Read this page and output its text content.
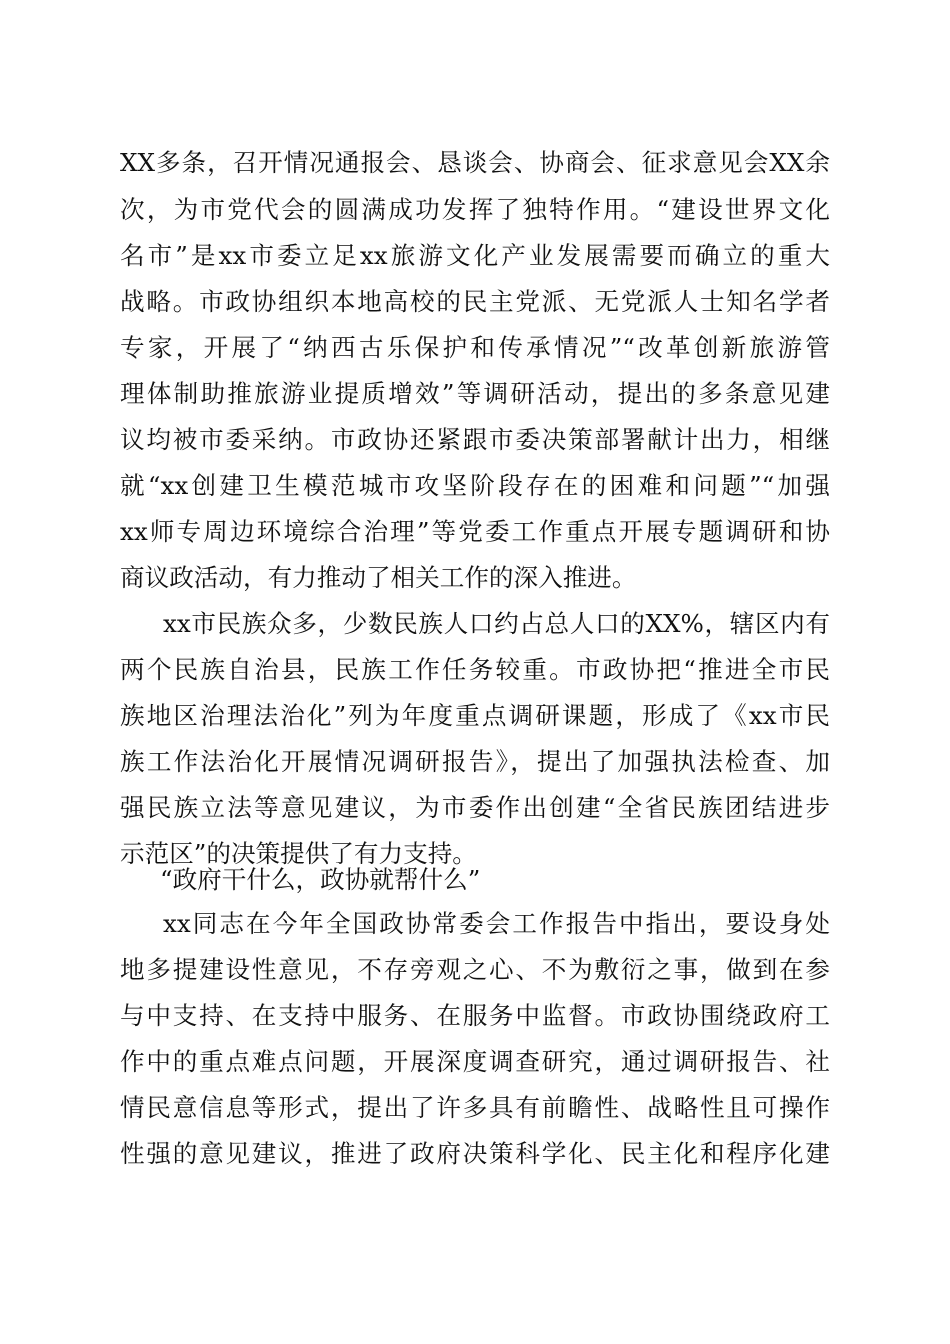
XX多条，召开情况通报会、恳谈会、协商会、征求意见会XX余
次，为市党代会的圆满成功发挥了独特作用。“建设世界文化
名市”是xx市委立足xx旅游文化产业发展需要而确立的重大
战略。市政协组织本地高校的民主党派、无党派人士知名学者
专家，开展了“纳西古乐保护和传承情况”“改革创新旅游管
理体制助推旅游业提质增效”等调研活动，提出的多条意见建
议均被市委采纳。市政协还紧跟市委决策部署献计出力，相继
就“xx创建卫生模范城市攻坚阶段存在的困难和问题”“加强
xx师专周边环境综合治理”等党委工作重点开展专题调研和协
商议政活动，有力推动了相关工作的深入推进。
xx市民族众多，少数民族人口约占总人口的XX%，辖区内有
两个民族自治县，民族工作任务较重。市政协把“推进全市民
族地区治理法治化”列为年度重点调研课题，形成了《xx市民
族工作法治化开展情况调研报告》，提出了加强执法检查、加
强民族立法等意见建议，为市委作出创建“全省民族团结进步
示范区”的决策提供了有力支持。
“政府干什么，政协就帮什么”
xx同志在今年全国政协常委会工作报告中指出，要设身处
地多提建设性意见，不存旁观之心、不为敷衍之事，做到在参
与中支持、在支持中服务、在服务中监督。市政协围绕政府工
作中的重点难点问题，开展深度调查研究，通过调研报告、社
情民意信息等形式，提出了许多具有前瞻性、战略性且可操作
性强的意见建议，推进了政府决策科学化、民主化和程序化建
